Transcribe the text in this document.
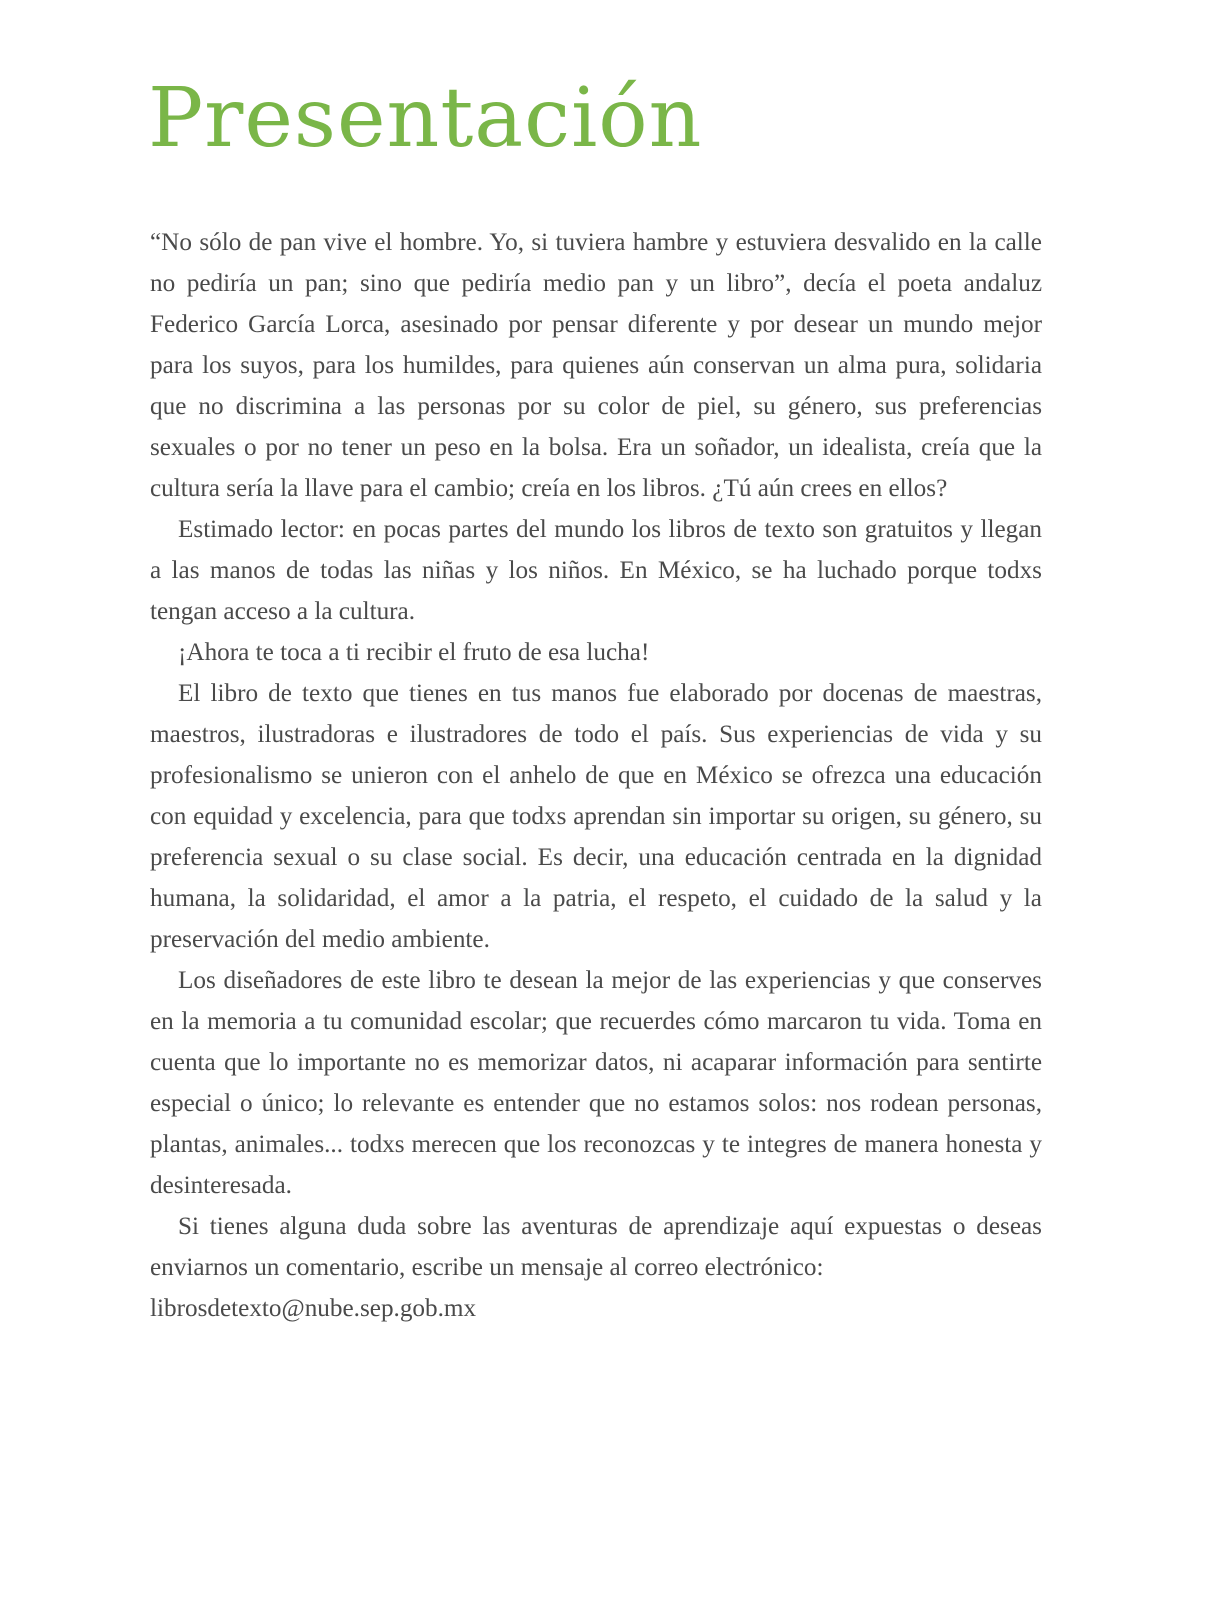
Presentación

“No sólo de pan vive el hombre. Yo, si tuviera hambre y estuviera desvalido en la calle no pediría un pan; sino que pediría medio pan y un libro”, decía el poeta andaluz Federico García Lorca, asesinado por pensar diferente y por desear un mundo mejor para los suyos, para los humildes, para quienes aún conservan un alma pura, solidaria que no discrimina a las personas por su color de piel, su género, sus preferencias sexuales o por no tener un peso en la bolsa. Era un soñador, un idealista, creía que la cultura sería la llave para el cambio; creía en los libros. ¿Tú aún crees en ellos?

Estimado lector: en pocas partes del mundo los libros de texto son gratuitos y llegan a las manos de todas las niñas y los niños. En México, se ha luchado porque todxs tengan acceso a la cultura.

¡Ahora te toca a ti recibir el fruto de esa lucha!

El libro de texto que tienes en tus manos fue elaborado por docenas de maestras, maestros, ilustradoras e ilustradores de todo el país. Sus experiencias de vida y su profesionalismo se unieron con el anhelo de que en México se ofrezca una educación con equidad y excelencia, para que todxs aprendan sin importar su origen, su género, su preferencia sexual o su clase social. Es decir, una educación centrada en la dignidad humana, la solidaridad, el amor a la patria, el respeto, el cuidado de la salud y la preservación del medio ambiente.

Los diseñadores de este libro te desean la mejor de las experiencias y que conserves en la memoria a tu comunidad escolar; que recuerdes cómo marcaron tu vida. Toma en cuenta que lo importante no es memorizar datos, ni acaparar información para sentirte especial o único; lo relevante es entender que no estamos solos: nos rodean personas, plantas, animales... todxs merecen que los reconozcas y te integres de manera honesta y desinteresada.

Si tienes alguna duda sobre las aventuras de aprendizaje aquí expuestas o deseas enviarnos un comentario, escribe un mensaje al correo electrónico:
librosdetexto@nube.sep.gob.mx
